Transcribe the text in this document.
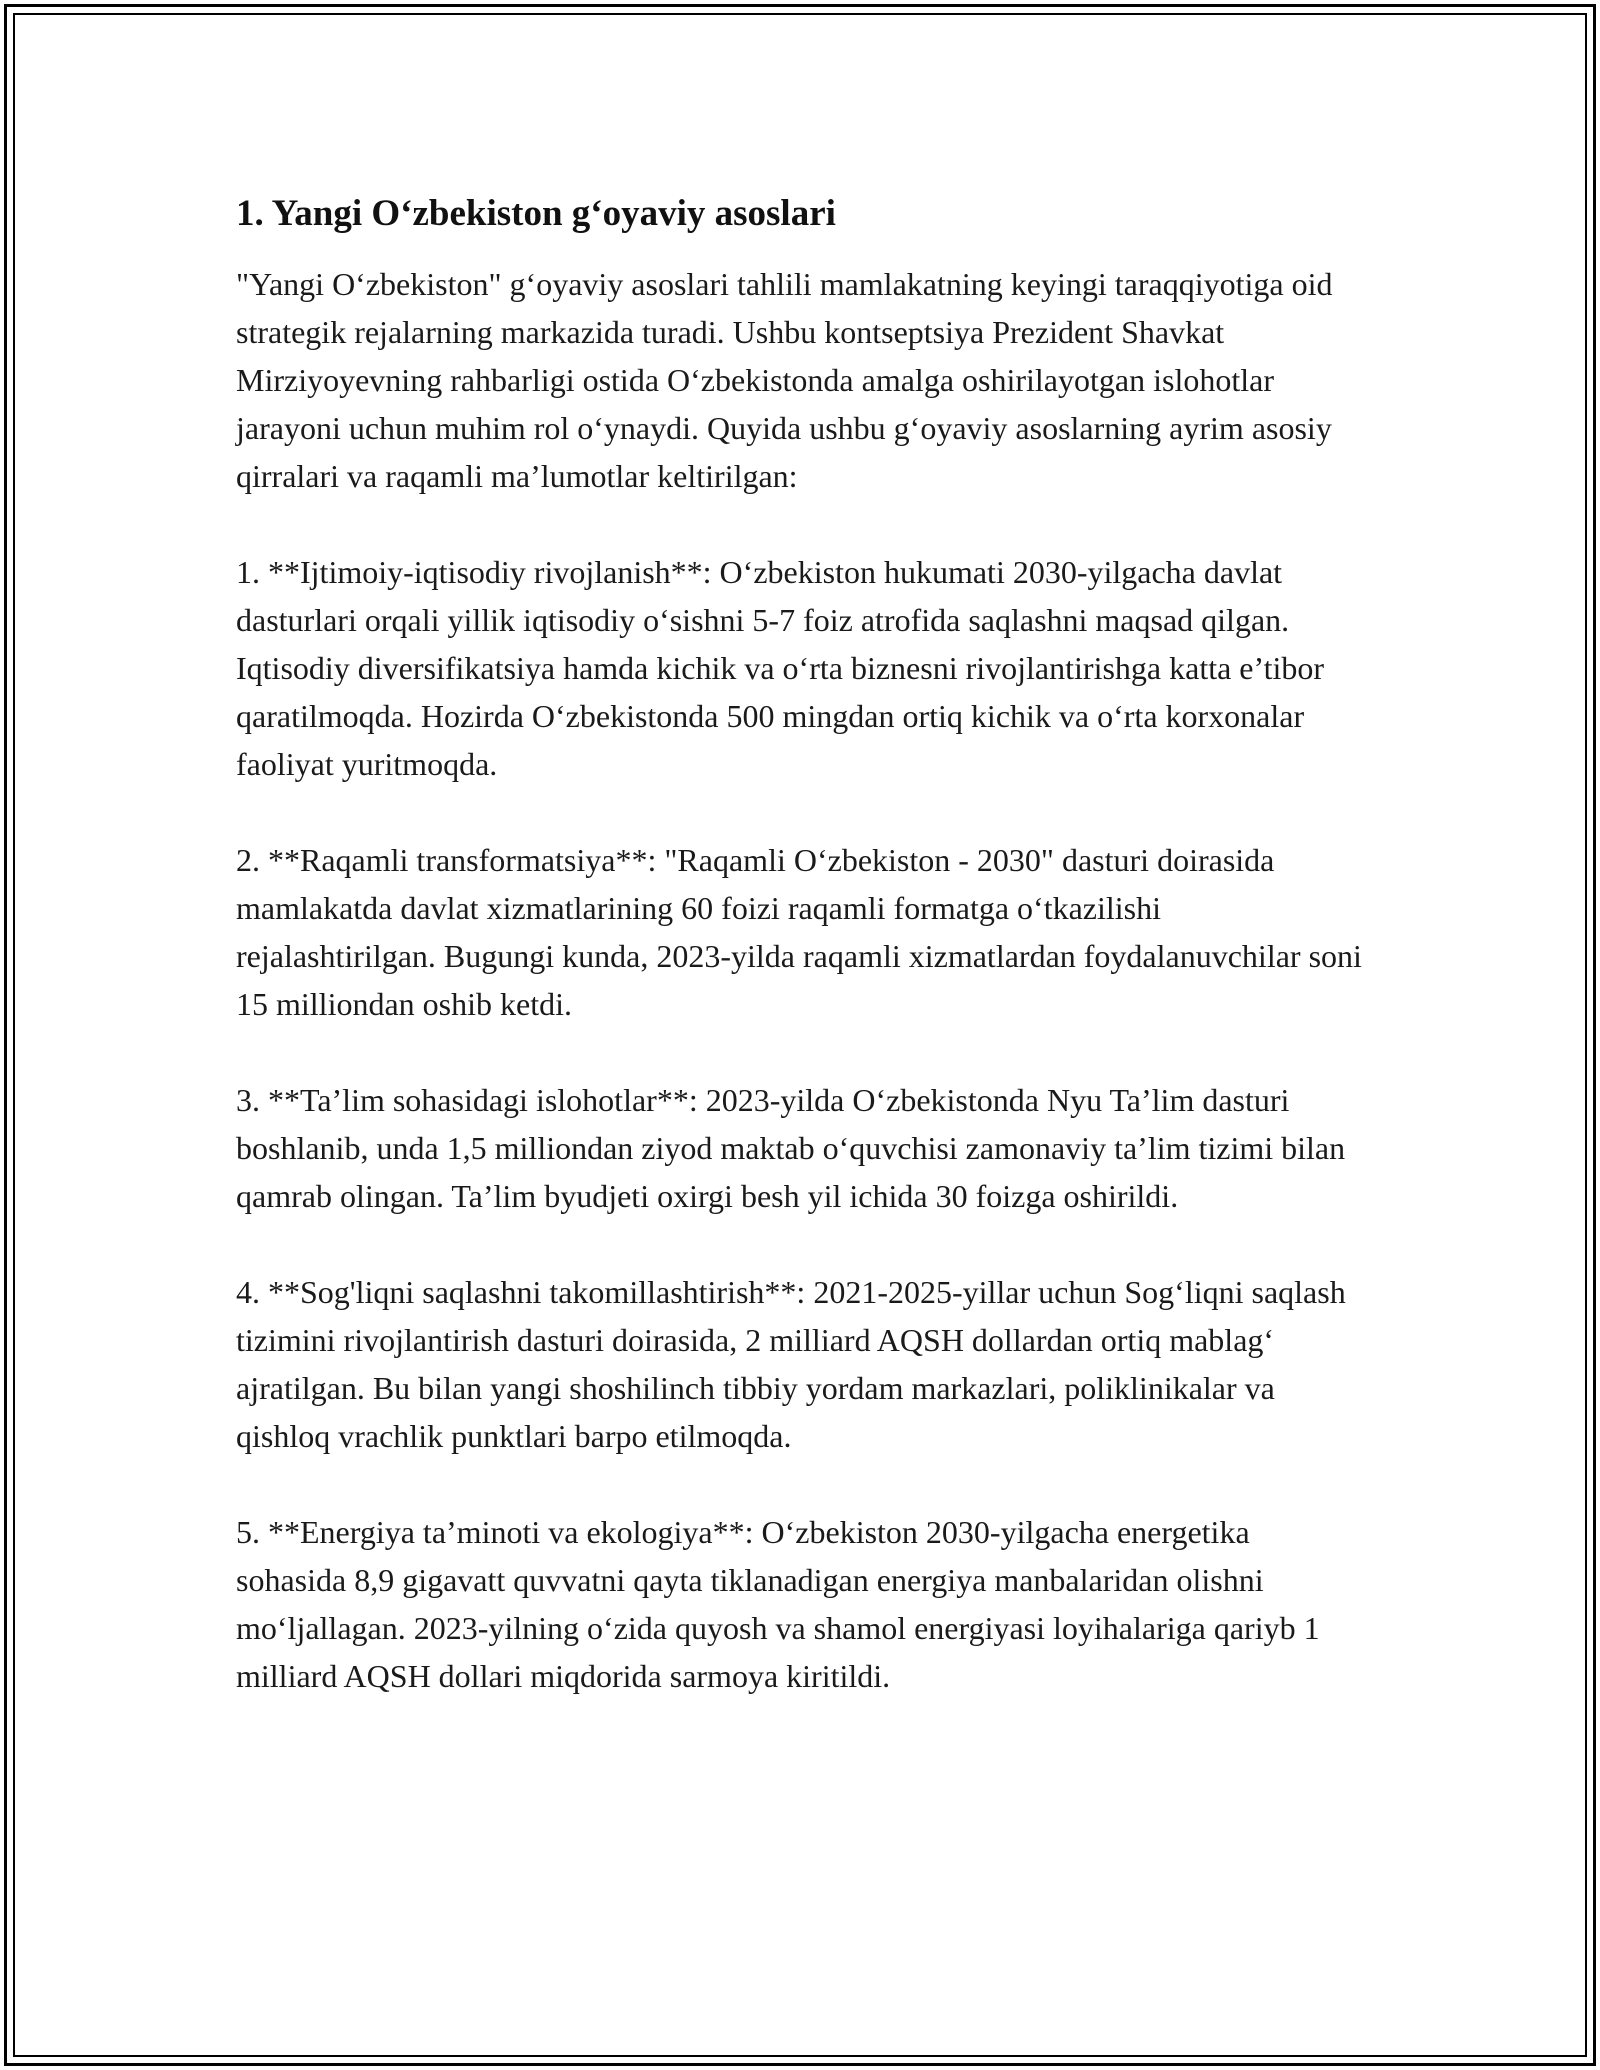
1. Yangi O‘zbekiston g‘oyaviy asoslari

"Yangi O‘zbekiston" g‘oyaviy asoslari tahlili mamlakatning keyingi taraqqiyotiga oid strategik rejalarning markazida turadi. Ushbu kontseptsiya Prezident Shavkat Mirziyoyevning rahbarligi ostida O‘zbekistonda amalga oshirilayotgan islohotlar jarayoni uchun muhim rol o‘ynaydi. Quyida ushbu g‘oyaviy asoslarning ayrim asosiy qirralari va raqamli ma’lumotlar keltirilgan:

1. **Ijtimoiy-iqtisodiy rivojlanish**: O‘zbekiston hukumati 2030-yilgacha davlat dasturlari orqali yillik iqtisodiy o‘sishni 5-7 foiz atrofida saqlashni maqsad qilgan. Iqtisodiy diversifikatsiya hamda kichik va o‘rta biznesni rivojlantirishga katta e’tibor qaratilmoqda. Hozirda O‘zbekistonda 500 mingdan ortiq kichik va o‘rta korxonalar faoliyat yuritmoqda.

2. **Raqamli transformatsiya**: "Raqamli O‘zbekiston - 2030" dasturi doirasida mamlakatda davlat xizmatlarining 60 foizi raqamli formatga o‘tkazilishi rejalashtirilgan. Bugungi kunda, 2023-yilda raqamli xizmatlardan foydalanuvchilar soni 15 milliondan oshib ketdi.

3. **Ta’lim sohasidagi islohotlar**: 2023-yilda O‘zbekistonda Nyu Ta’lim dasturi boshlanib, unda 1,5 milliondan ziyod maktab o‘quvchisi zamonaviy ta’lim tizimi bilan qamrab olingan. Ta’lim byudjeti oxirgi besh yil ichida 30 foizga oshirildi.

4. **Sog'liqni saqlashni takomillashtirish**: 2021-2025-yillar uchun Sog‘liqni saqlash tizimini rivojlantirish dasturi doirasida, 2 milliard AQSH dollardan ortiq mablag‘ ajratilgan. Bu bilan yangi shoshilinch tibbiy yordam markazlari, poliklinikalar va qishloq vrachlik punktlari barpo etilmoqda.

5. **Energiya ta’minoti va ekologiya**: O‘zbekiston 2030-yilgacha energetika sohasida 8,9 gigavatt quvvatni qayta tiklanadigan energiya manbalaridan olishni mo‘ljallagan. 2023-yilning o‘zida quyosh va shamol energiyasi loyihalariga qariyb 1 milliard AQSH dollari miqdorida sarmoya kiritildi.
